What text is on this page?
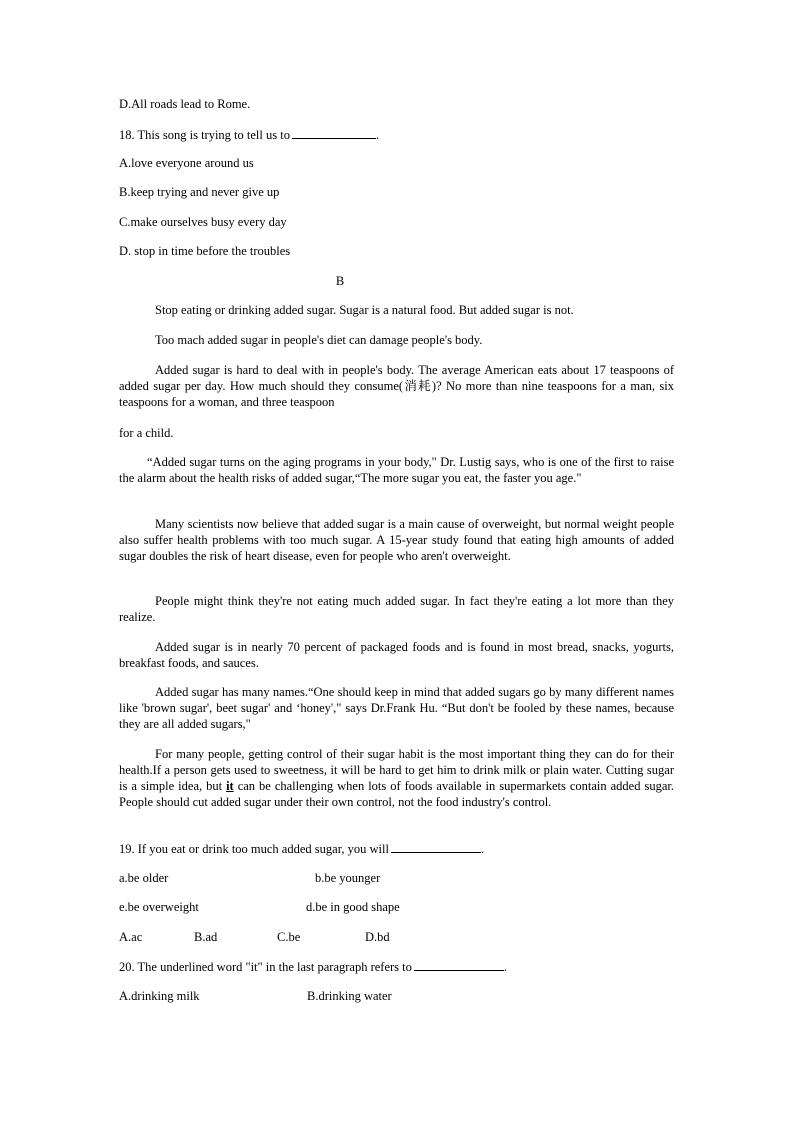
D.All roads lead to Rome.
18. This song is trying to tell us to	.
A.love everyone around us
B.keep trying and never give up
C.make ourselves busy every day
D. stop in time before the troubles
B
Stop eating or drinking added sugar. Sugar is a natural food. But added sugar is not.
Too mach added sugar in people's diet can damage people's body.
Added sugar is hard to deal with in people's body. The average American eats about 17 teaspoons of added sugar per day. How much should they consume(消耗)? No more than nine teaspoons for a man, six teaspoons for a woman, and three teaspoon
for a child.
“Added sugar turns on the aging programs in your body," Dr. Lustig says, who is one of the first to raise the alarm about the health risks of added sugar,“The more sugar you eat, the faster you age."
Many scientists now believe that added sugar is a main cause of overweight, but normal weight people also suffer health problems with too much sugar. A 15-year study found that eating high amounts of added sugar doubles the risk of heart disease, even for people who aren't overweight.
People might think they're not eating much added sugar. In fact they're eating a lot more than they realize.
Added sugar is in nearly 70 percent of packaged foods and is found in most bread, snacks, yogurts, breakfast foods, and sauces.
Added sugar has many names.“One should keep in mind that added sugars go by many different names like 'brown sugar', beet sugar' and ‘honey'," says Dr.Frank Hu. “But don't be fooled by these names, because they are all added sugars,"
For many people, getting control of their sugar habit is the most important thing they can do for their health.If a person gets used to sweetness, it will be hard to get him to drink milk or plain water. Cutting sugar is a simple idea, but it can be challenging when lots of foods available in supermarkets contain added sugar. People should cut added sugar under their own control, not the food industry's control.
19. If you eat or drink too much added sugar, you will	.
a.be older	b.be younger
e.be overweight	d.be in good shape
A.ac	B.ad	C.be	D.bd
20. The underlined word "it" in the last paragraph refers to	.
A.drinking milk	B.drinking water
